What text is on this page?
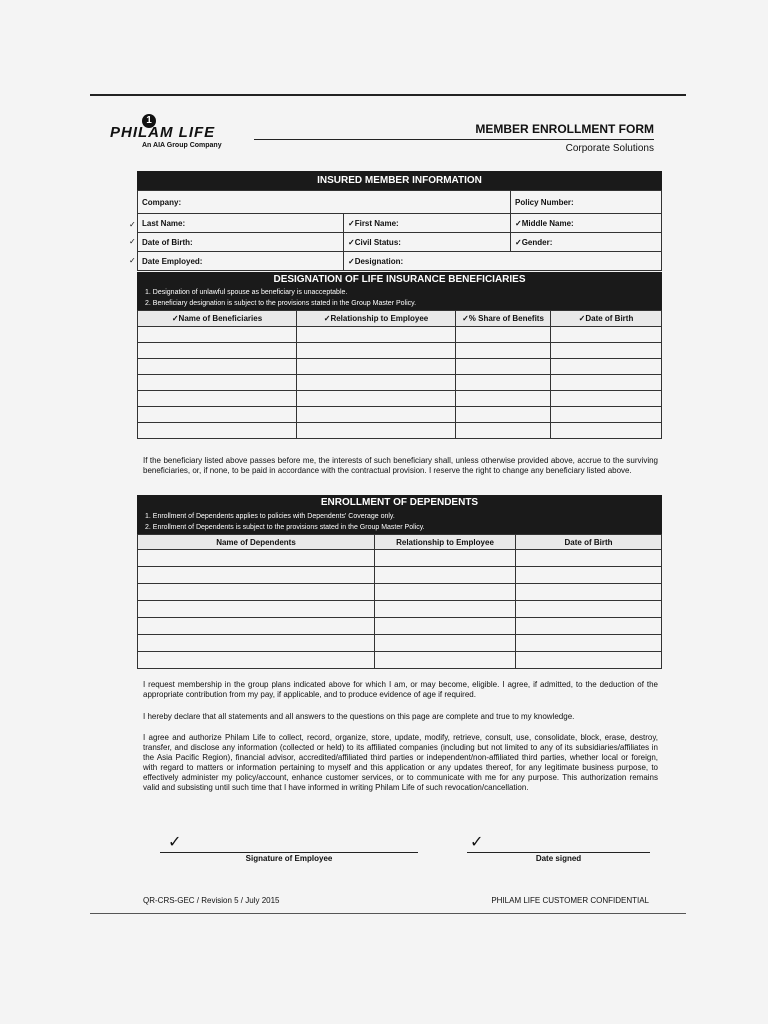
1
PHILAM LIFE
An AIA Group Company
MEMBER ENROLLMENT FORM
Corporate Solutions
INSURED MEMBER INFORMATION
Company:		Policy Number:
Last Name:	✓First Name:	✓Middle Name:
Date of Birth:	✓Civil Status:	✓Gender:
Date Employed:	✓Designation:	
✓
✓
✓
DESIGNATION OF LIFE INSURANCE BENEFICIARIES
1. Designation of unlawful spouse as beneficiary is unacceptable.
2. Beneficiary designation is subject to the provisions stated in the Group Master Policy.
✓Name of Beneficiaries	✓Relationship to Employee	✓% Share of Benefits	✓Date of Birth

If the beneficiary listed above passes before me, the interests of such beneficiary shall, unless otherwise provided above, accrue to the surviving beneficiaries, or, if none, to be paid in accordance with the contractual provision. I reserve the right to change any beneficiary listed above.
ENROLLMENT OF DEPENDENTS
1. Enrollment of Dependents applies to policies with Dependents' Coverage only.
2. Enrollment of Dependents is subject to the provisions stated in the Group Master Policy.
Name of Dependents	Relationship to Employee	Date of Birth

I request membership in the group plans indicated above for which I am, or may become, eligible. I agree, if admitted, to the deduction of the appropriate contribution from my pay, if applicable, and to produce evidence of age if required.
I hereby declare that all statements and all answers to the questions on this page are complete and true to my knowledge.
I agree and authorize Philam Life to collect, record, organize, store, update, modify, retrieve, consult, use, consolidate, block, erase, destroy, transfer, and disclose any information (collected or held) to its affiliated companies (including but not limited to any of its subsidiaries/affiliates in the Asia Pacific Region), financial advisor, accredited/affiliated third parties or independent/non-affiliated third parties, whether local or foreign, with regard to matters or information pertaining to myself and this application or any updates thereof, for any legitimate business purpose, to effectively administer my policy/account, enhance customer services, or to communicate with me for any purpose. This authorization remains valid and subsisting until such time that I have informed in writing Philam Life of such revocation/cancellation.
✓
Signature of Employee
✓
Date signed
QR-CRS-GEC / Revision 5 / July 2015	PHILAM LIFE CUSTOMER CONFIDENTIAL
